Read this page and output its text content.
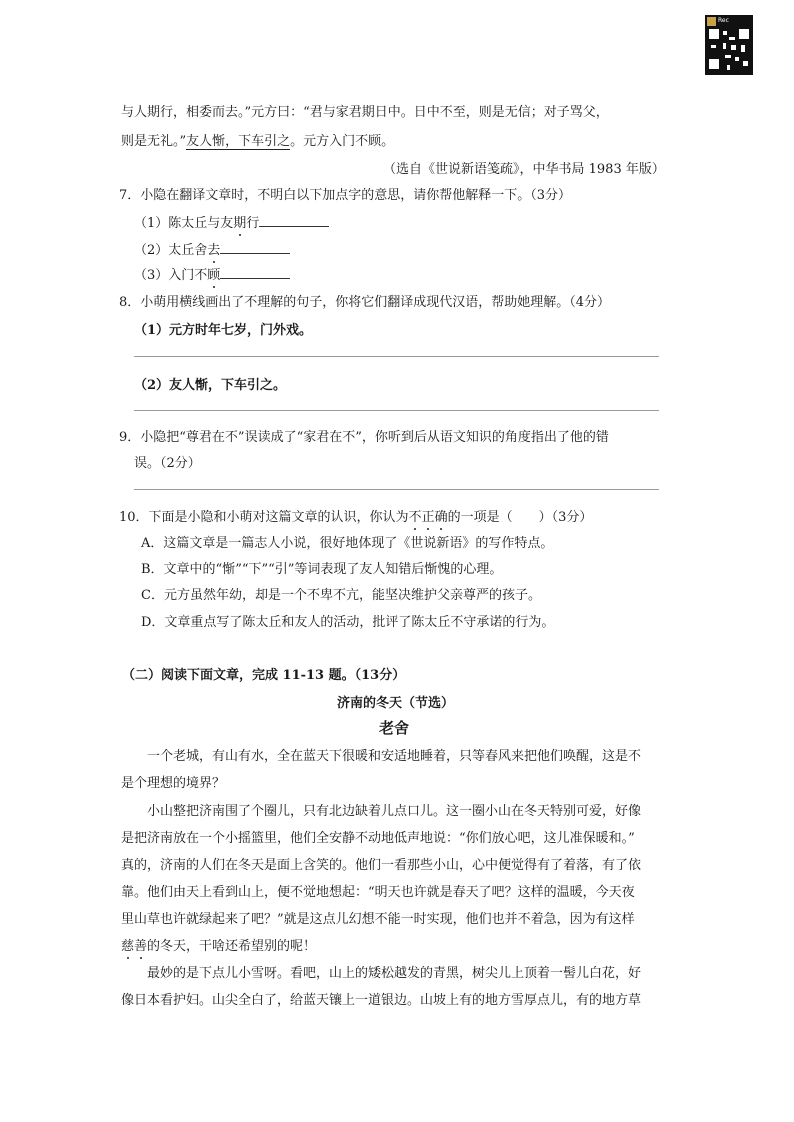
Rec
与人期行，相委而去。”元方曰：“君与家君期日中。日中不至，则是无信；对子骂父，
则是无礼。”友人惭，下车引之。元方入门不顾。
（选自《世说新语笺疏》，中华书局 1983 年版）
7．小隐在翻译文章时，不明白以下加点字的意思，请你帮他解释一下。（3分）
（1）陈太丘与友期行
（2）太丘舍去
（3）入门不顾
8．小萌用横线画出了不理解的句子，你将它们翻译成现代汉语，帮助她理解。（4分）
（1）元方时年七岁，门外戏。
（2）友人惭，下车引之。
9．小隐把“尊君在不”误读成了“家君在不”，你听到后从语文知识的角度指出了他的错
误。（2分）
10．下面是小隐和小萌对这篇文章的认识，你认为不正确的一项是（　　）（3分）
A．这篇文章是一篇志人小说，很好地体现了《世说新语》的写作特点。
B．文章中的“惭”“下”“引”等词表现了友人知错后惭愧的心理。
C．元方虽然年幼，却是一个不卑不亢，能坚决维护父亲尊严的孩子。
D．文章重点写了陈太丘和友人的活动，批评了陈太丘不守承诺的行为。
（二）阅读下面文章，完成 11-13 题。（13分）
济南的冬天（节选）
老舍
一个老城，有山有水，全在蓝天下很暖和安适地睡着，只等春风来把他们唤醒，这是不
是个理想的境界？
小山整把济南围了个圈儿，只有北边缺着儿点口儿。这一圈小山在冬天特别可爱，好像
是把济南放在一个小摇篮里，他们全安静不动地低声地说：“你们放心吧，这儿准保暖和。”
真的，济南的人们在冬天是面上含笑的。他们一看那些小山，心中便觉得有了着落，有了依
靠。他们由天上看到山上，便不觉地想起：“明天也许就是春天了吧？这样的温暖，今天夜
里山草也许就绿起来了吧？”就是这点儿幻想不能一时实现，他们也并不着急，因为有这样
慈善的冬天，干啥还希望别的呢！
最妙的是下点儿小雪呀。看吧，山上的矮松越发的青黑，树尖儿上顶着一髻儿白花，好
像日本看护妇。山尖全白了，给蓝天镶上一道银边。山坡上有的地方雪厚点儿，有的地方草
